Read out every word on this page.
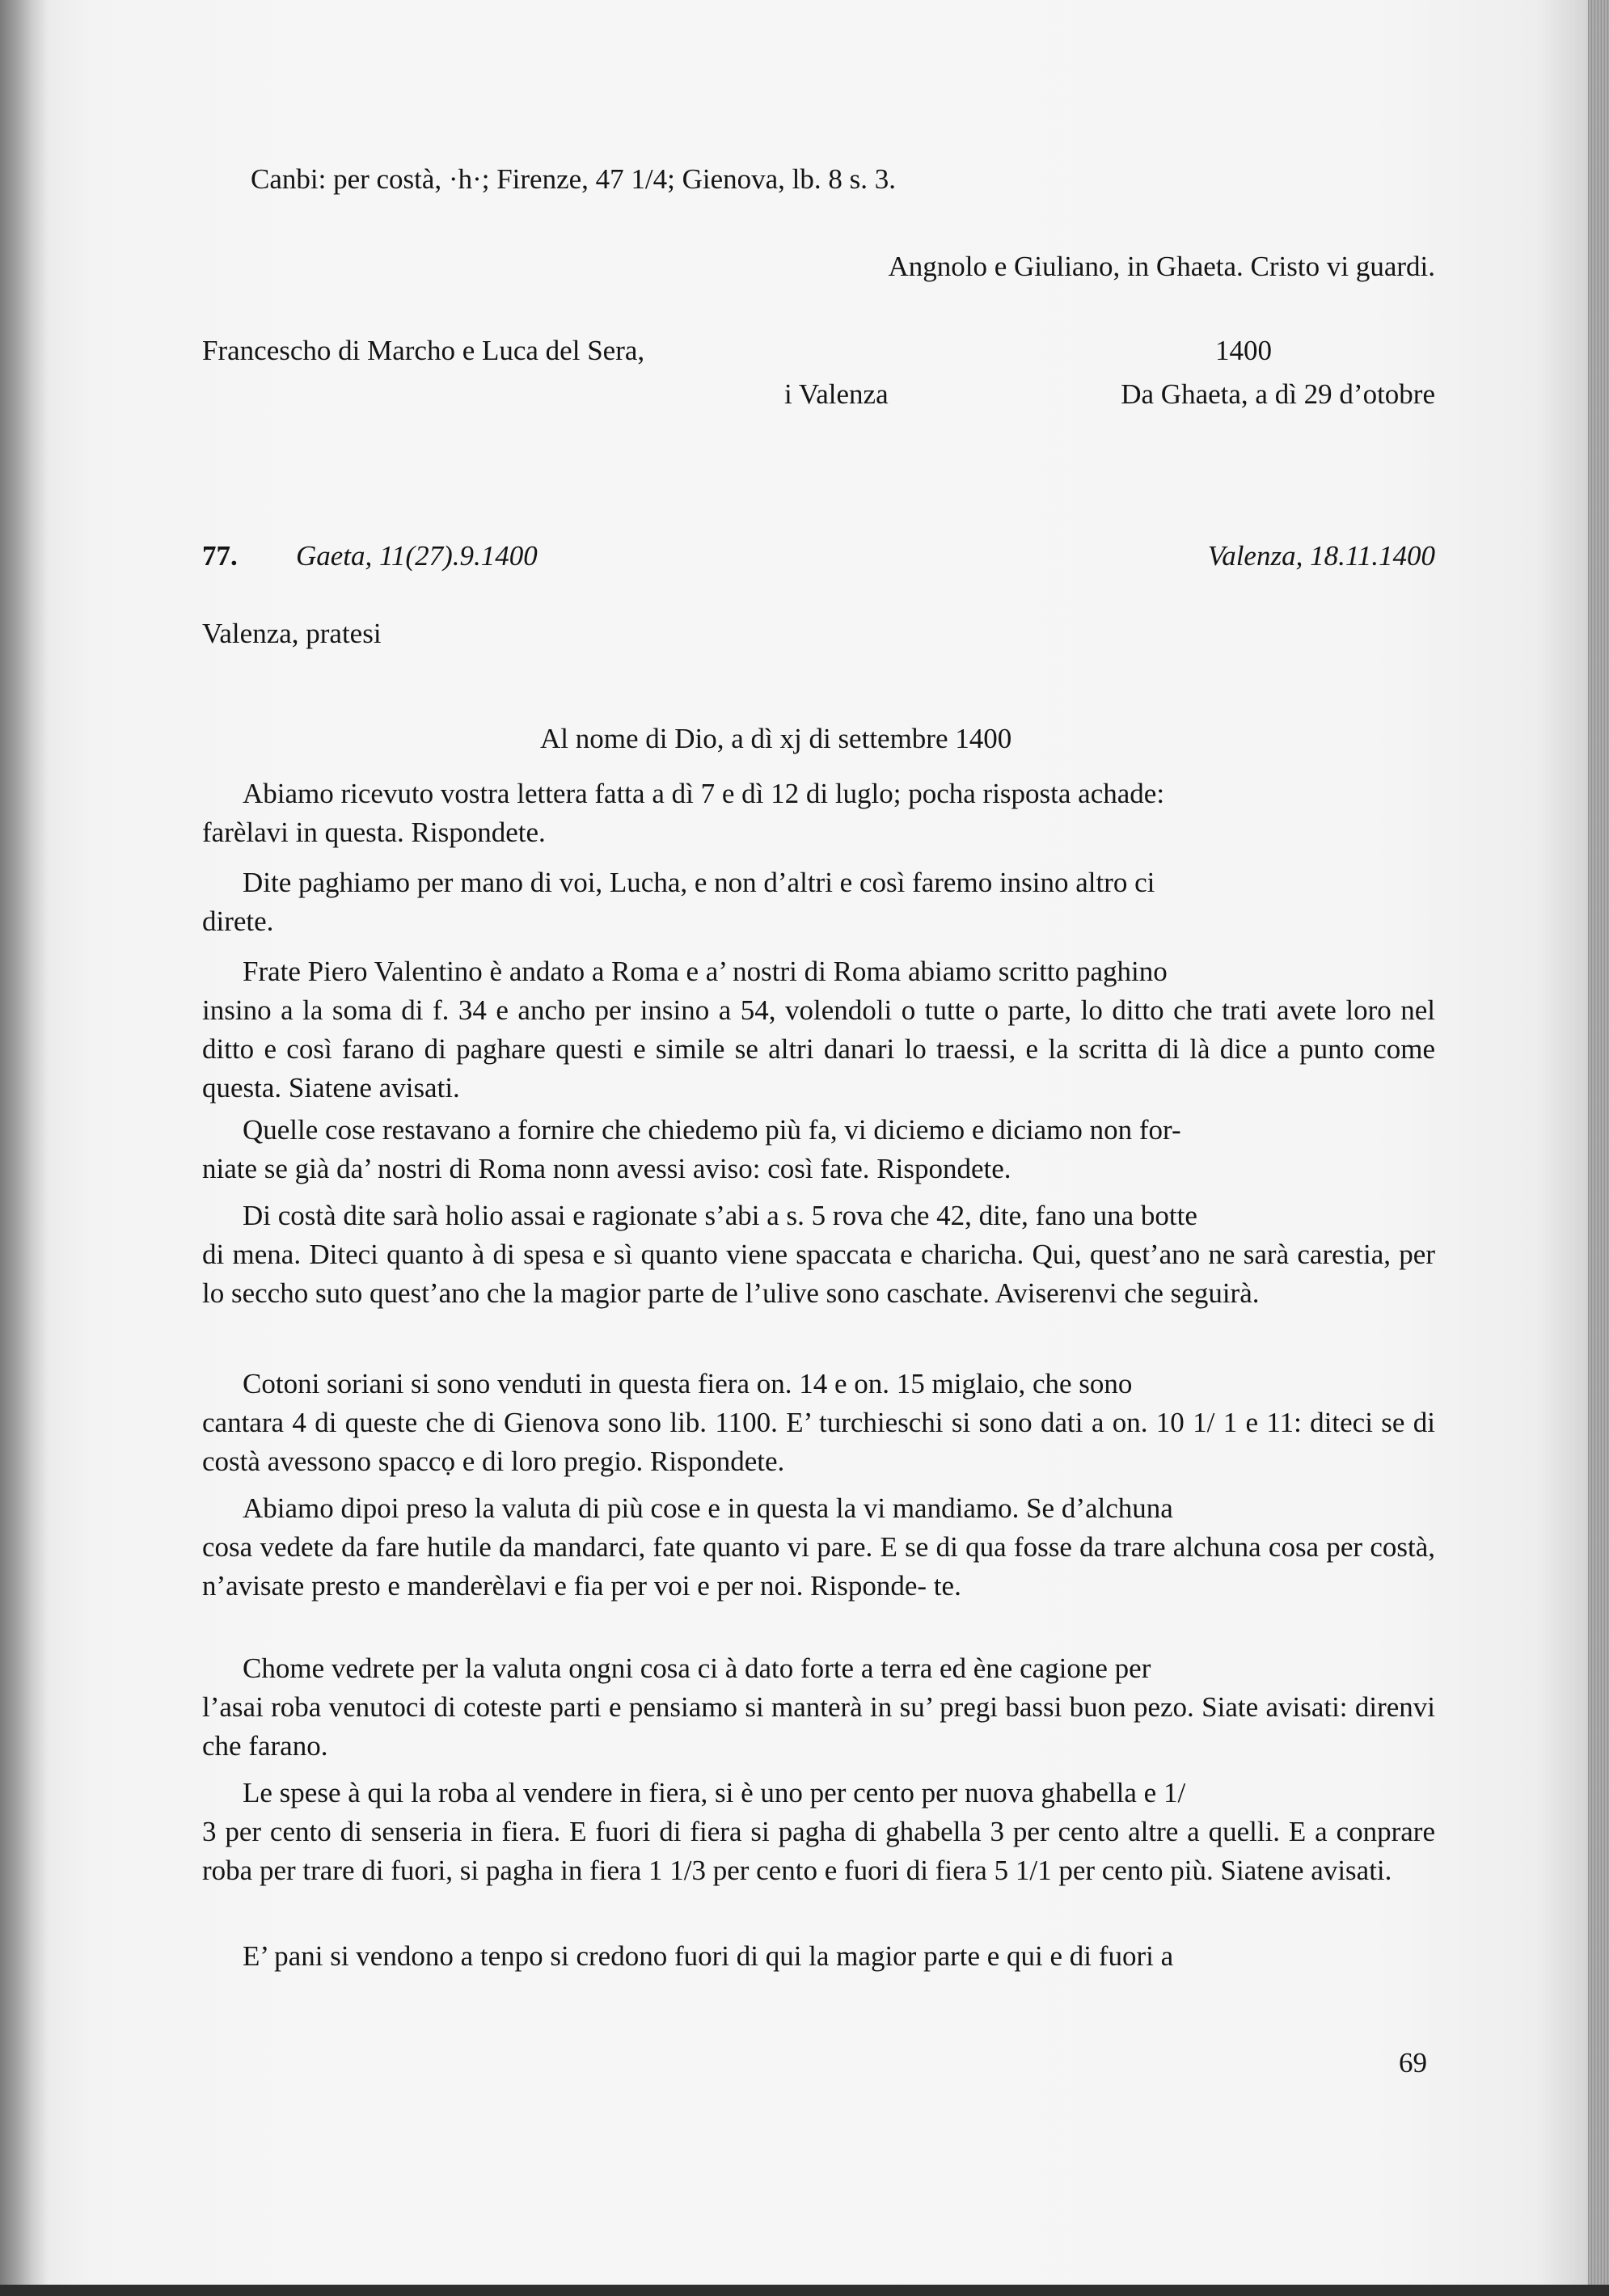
Canbi: per costà, ·h·; Firenze, 47 1/4; Gienova, lb. 8 s. 3.
Angnolo e Giuliano, in Ghaeta. Cristo vi guardi.
Francescho di Marcho e Luca del Sera,	1400
i Valenza	Da Ghaeta, a dì 29 d’otobre
77. Gaeta, 11(27).9.1400	Valenza, 18.11.1400
Valenza, pratesi
Al nome di Dio, a dì xj di settembre 1400
Abiamo ricevuto vostra lettera fatta a dì 7 e dì 12 di luglo; pocha risposta achade:
farèlavi in questa. Rispondete.
Dite paghiamo per mano di voi, Lucha, e non d’altri e così faremo insino altro ci
direte.
Frate Piero Valentino è andato a Roma e a’ nostri di Roma abiamo scritto paghino
insino a la soma di f. 34 e ancho per insino a 54, volendoli o tutte o parte, lo ditto che trati avete loro nel ditto e così farano di paghare questi e simile se altri danari lo traessi, e la scritta di là dice a punto come questa. Siatene avisati.
Quelle cose restavano a fornire che chiedemo più fa, vi diciemo e diciamo non for-
niate se già da’ nostri di Roma nonn avessi aviso: così fate. Rispondete.
Di costà dite sarà holio assai e ragionate s’abi a s. 5 rova che 42, dite, fano una botte
di mena. Diteci quanto à di spesa e sì quanto viene spaccata e charicha. Qui, quest’ano ne sarà carestia, per lo secchо suto quest’ano che la magior parte de l’ulive sono caschate. Aviserenvi che seguirà.
Cotoni soriani si sono venduti in questa fiera on. 14 e on. 15 miglaio, che sono
cantara 4 di queste che di Gienova sono lib. 1100. E’ turchieschi si sono dati a on. 10 1/ 1 e 11: diteci se di costà avessono spaccọ e di loro pregio. Rispondete.
Abiamo dipoi preso la valuta di più cose e in questa la vi mandiamo. Se d’alchuna
cosa vedete da fare hutile da mandarci, fate quanto vi pare. E se di qua fosse da trare alchuna cosa per costà, n’avisate presto e manderèlavi e fia per voi e per noi. Risponde- te.
Chome vedrete per la valuta ongni cosa ci à dato forte a terra ed ène cagione per
l’asai roba venutoci di coteste parti e pensiamo si manterà in su’ pregi bassi buon pezo. Siate avisati: direnvi che farano.
Le spese à qui la roba al vendere in fiera, si è uno per cento per nuova ghabella e 1/
3 per cento di senseria in fiera. E fuori di fiera si pagha di ghabella 3 per cento altre a quelli. E a conprare roba per trare di fuori, si pagha in fiera 1 1/3 per cento e fuori di fiera 5 1/1 per cento più. Siatene avisati.
E’ pani si vendono a tenpo si credono fuori di qui la magior parte e qui e di fuori a
69
